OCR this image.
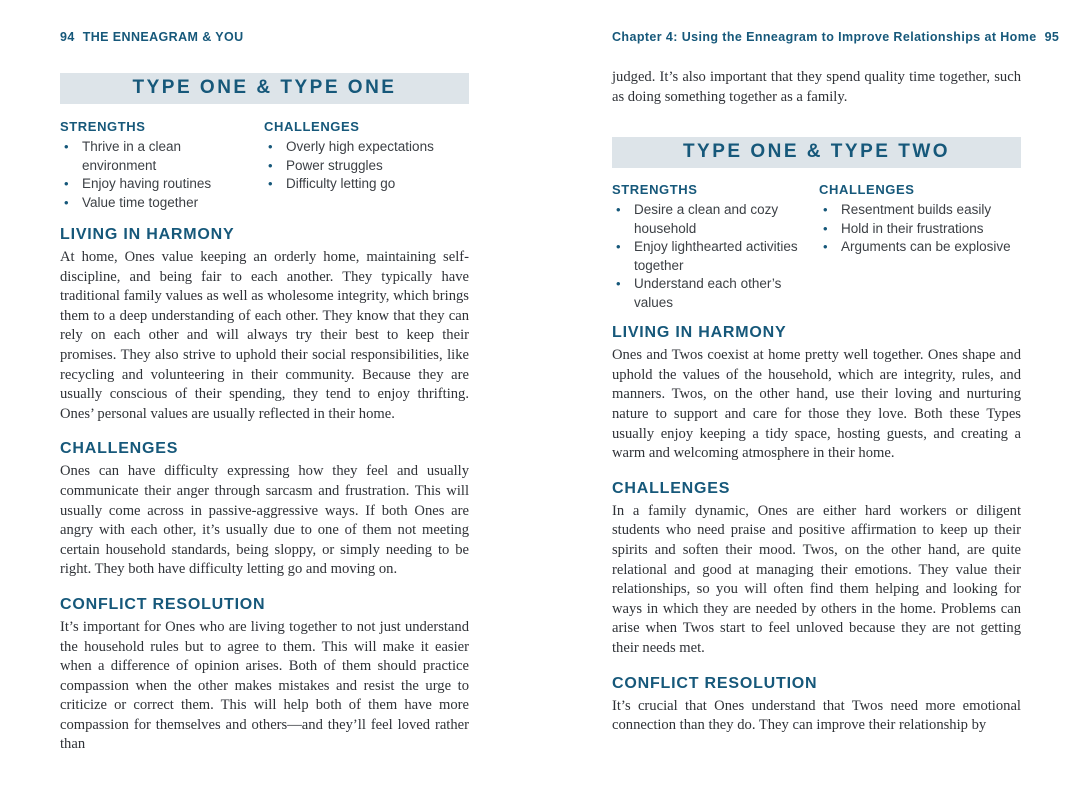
94 THE ENNEAGRAM & YOU
TYPE ONE & TYPE ONE
STRENGTHS
•
Thrive in a clean environment
•
Enjoy having routines
•
Value time together
CHALLENGES
•
Overly high expectations
•
Power struggles
•
Difficulty letting go
LIVING IN HARMONY

At home, Ones value keeping an orderly home, maintaining self-discipline, and being fair to each another. They typically have traditional family values as well as wholesome integrity, which brings them to a deep understanding of each other. They know that they can rely on each other and will always try their best to keep their promises. They also strive to uphold their social responsibilities, like recycling and volunteering in their community. Because they are usually conscious of their spending, they tend to enjoy thrifting. Ones’ personal values are usually reflected in their home.

CHALLENGES

Ones can have difficulty expressing how they feel and usually communicate their anger through sarcasm and frustration. This will usually come across in passive-aggressive ways. If both Ones are angry with each other, it’s usually due to one of them not meeting certain household standards, being sloppy, or simply needing to be right. They both have difficulty letting go and moving on.

CONFLICT RESOLUTION

It’s important for Ones who are living together to not just understand the household rules but to agree to them. This will make it easier when a difference of opinion arises. Both of them should practice compassion when the other makes mistakes and resist the urge to criticize or correct them. This will help both of them have more compassion for themselves and others—and they’ll feel loved rather than

Chapter 4: Using the Enneagram to Improve Relationships at Home 95

judged. It’s also important that they spend quality time together, such as doing something together as a family.

TYPE ONE & TYPE TWO
STRENGTHS
•
Desire a clean and cozy household
•
Enjoy lighthearted activities together
•
Understand each other’s values
CHALLENGES
•
Resentment builds easily
•
Hold in their frustrations
•
Arguments can be explosive
LIVING IN HARMONY

Ones and Twos coexist at home pretty well together. Ones shape and uphold the values of the household, which are integrity, rules, and manners. Twos, on the other hand, use their loving and nurturing nature to support and care for those they love. Both these Types usually enjoy keeping a tidy space, hosting guests, and creating a warm and welcoming atmosphere in their home.

CHALLENGES

In a family dynamic, Ones are either hard workers or diligent students who need praise and positive affirmation to keep up their spirits and soften their mood. Twos, on the other hand, are quite relational and good at managing their emotions. They value their relationships, so you will often find them helping and looking for ways in which they are needed by others in the home. Problems can arise when Twos start to feel unloved because they are not getting their needs met.

CONFLICT RESOLUTION

It’s crucial that Ones understand that Twos need more emotional connection than they do. They can improve their relationship by
